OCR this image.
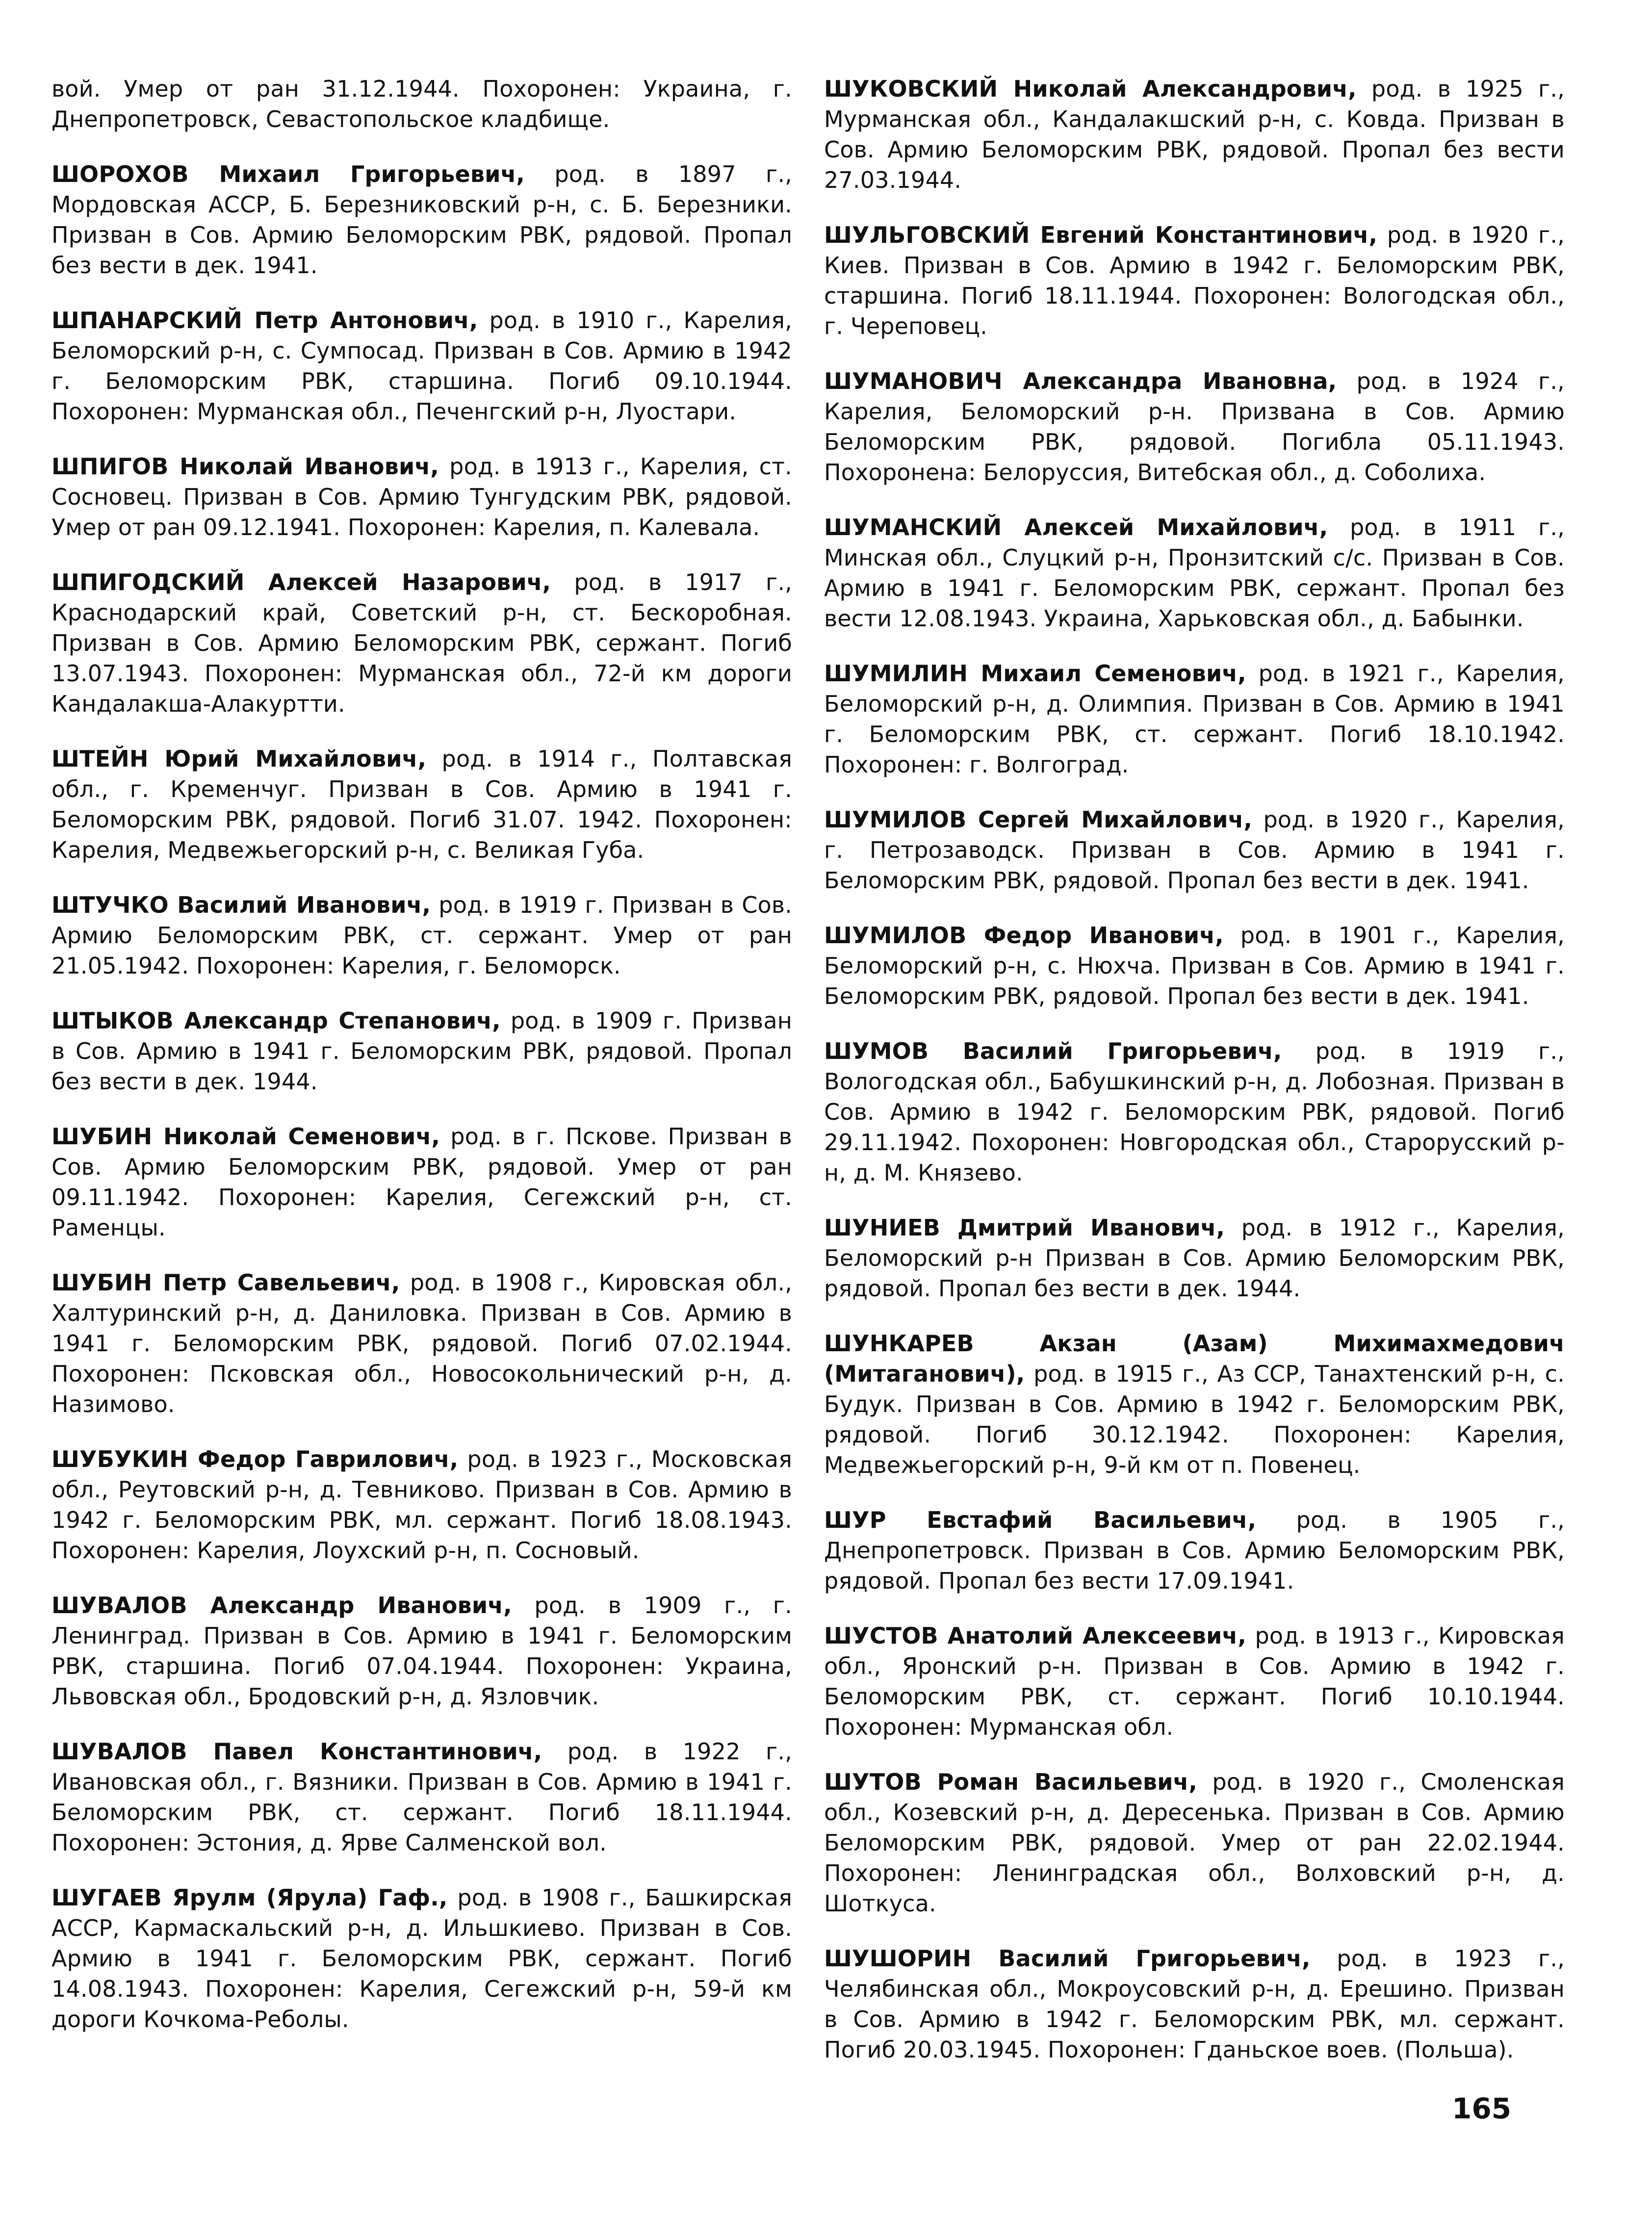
вой. Умер от ран 31.12.1944. Похоронен: Украина, г. Днепропетровск, Севастопольское кладбище.

ШОРОХОВ Михаил Григорьевич, род. в 1897 г., Мордовская АССР, Б. Березниковский р-н, с. Б. Березники. Призван в Сов. Армию Беломорским РВК, рядовой. Пропал без вести в дек. 1941.

ШПАНАРСКИЙ Петр Антонович, род. в 1910 г., Карелия, Беломорский р-н, с. Сумпосад. Призван в Сов. Армию в 1942 г. Беломорским РВК, старшина. Погиб 09.10.1944. Похоронен: Мурманская обл., Печенгский р-н, Луостари.

ШПИГОВ Николай Иванович, род. в 1913 г., Карелия, ст. Сосновец. Призван в Сов. Армию Тунгудским РВК, рядовой. Умер от ран 09.12.1941. Похоронен: Карелия, п. Калевала.

ШПИГОДСКИЙ Алексей Назарович, род. в 1917 г., Краснодарский край, Советский р-н, ст. Бескоробная. Призван в Сов. Армию Беломорским РВК, сержант. Погиб 13.07.1943. Похоронен: Мурманская обл., 72-й км дороги Кандалакша-Алакуртти.

ШТЕЙН Юрий Михайлович, род. в 1914 г., Полтавская обл., г. Кременчуг. Призван в Сов. Армию в 1941 г. Беломорским РВК, рядовой. Погиб 31.07. 1942. Похоронен: Карелия, Медвежьегорский р-н, с. Великая Губа.

ШТУЧКО Василий Иванович, род. в 1919 г. Призван в Сов. Армию Беломорским РВК, ст. сержант. Умер от ран 21.05.1942. Похоронен: Карелия, г. Беломорск.

ШТЫКОВ Александр Степанович, род. в 1909 г. Призван в Сов. Армию в 1941 г. Беломорским РВК, рядовой. Пропал без вести в дек. 1944.

ШУБИН Николай Семенович, род. в г. Пскове. Призван в Сов. Армию Беломорским РВК, рядовой. Умер от ран 09.11.1942. Похоронен: Карелия, Сегежский р-н, ст. Раменцы.

ШУБИН Петр Савельевич, род. в 1908 г., Кировская обл., Халтуринский р-н, д. Даниловка. Призван в Сов. Армию в 1941 г. Беломорским РВК, рядовой. Погиб 07.02.1944. Похоронен: Псковская обл., Новосокольнический р-н, д. Назимово.

ШУБУКИН Федор Гаврилович, род. в 1923 г., Московская обл., Реутовский р-н, д. Тевниково. Призван в Сов. Армию в 1942 г. Беломорским РВК, мл. сержант. Погиб 18.08.1943. Похоронен: Карелия, Лоухский р-н, п. Сосновый.

ШУВАЛОВ Александр Иванович, род. в 1909 г., г. Ленинград. Призван в Сов. Армию в 1941 г. Беломорским РВК, старшина. Погиб 07.04.1944. Похоронен: Украина, Львовская обл., Бродовский р-н, д. Язловчик.

ШУВАЛОВ Павел Константинович, род. в 1922 г., Ивановская обл., г. Вязники. Призван в Сов. Армию в 1941 г. Беломорским РВК, ст. сержант. Погиб 18.11.1944. Похоронен: Эстония, д. Ярве Салменской вол.

ШУГАЕВ Ярулм (Ярула) Гаф., род. в 1908 г., Башкирская АССР, Кармаскальский р-н, д. Ильшкиево. Призван в Сов. Армию в 1941 г. Беломорским РВК, сержант. Погиб 14.08.1943. Похоронен: Карелия, Сегежский р-н, 59-й км дороги Кочкома-Реболы.

ШУКОВСКИЙ Николай Александрович, род. в 1925 г., Мурманская обл., Кандалакшский р-н, с. Ковда. Призван в Сов. Армию Беломорским РВК, рядовой. Пропал без вести 27.03.1944.

ШУЛЬГОВСКИЙ Евгений Константинович, род. в 1920 г., Киев. Призван в Сов. Армию в 1942 г. Беломорским РВК, старшина. Погиб 18.11.1944. Похоронен: Вологодская обл., г. Череповец.

ШУМАНОВИЧ Александра Ивановна, род. в 1924 г., Карелия, Беломорский р-н. Призвана в Сов. Армию Беломорским РВК, рядовой. Погибла 05.11.1943. Похоронена: Белоруссия, Витебская обл., д. Соболиха.

ШУМАНСКИЙ Алексей Михайлович, род. в 1911 г., Минская обл., Слуцкий р-н, Пронзитский с/с. Призван в Сов. Армию в 1941 г. Беломорским РВК, сержант. Пропал без вести 12.08.1943. Украина, Харьковская обл., д. Бабынки.

ШУМИЛИН Михаил Семенович, род. в 1921 г., Карелия, Беломорский р-н, д. Олимпия. Призван в Сов. Армию в 1941 г. Беломорским РВК, ст. сержант. Погиб 18.10.1942. Похоронен: г. Волгоград.

ШУМИЛОВ Сергей Михайлович, род. в 1920 г., Карелия, г. Петрозаводск. Призван в Сов. Армию в 1941 г. Беломорским РВК, рядовой. Пропал без вести в дек. 1941.

ШУМИЛОВ Федор Иванович, род. в 1901 г., Карелия, Беломорский р-н, с. Нюхча. Призван в Сов. Армию в 1941 г. Беломорским РВК, рядовой. Пропал без вести в дек. 1941.

ШУМОВ Василий Григорьевич, род. в 1919 г., Вологодская обл., Бабушкинский р-н, д. Лобозная. Призван в Сов. Армию в 1942 г. Беломорским РВК, рядовой. Погиб 29.11.1942. Похоронен: Новгородская обл., Старорусский р-н, д. М. Князево.

ШУНИЕВ Дмитрий Иванович, род. в 1912 г., Карелия, Беломорский р-н Призван в Сов. Армию Беломорским РВК, рядовой. Пропал без вести в дек. 1944.

ШУНКАРЕВ Акзан (Азам) Михимахмедович (Митаганович), род. в 1915 г., Аз ССР, Танахтенский р-н, с. Будук. Призван в Сов. Армию в 1942 г. Беломорским РВК, рядовой. Погиб 30.12.1942. Похоронен: Карелия, Медвежьегорский р-н, 9-й км от п. Повенец.

ШУР Евстафий Васильевич, род. в 1905 г., Днепропетровск. Призван в Сов. Армию Беломорским РВК, рядовой. Пропал без вести 17.09.1941.

ШУСТОВ Анатолий Алексеевич, род. в 1913 г., Кировская обл., Яронский р-н. Призван в Сов. Армию в 1942 г. Беломорским РВК, ст. сержант. Погиб 10.10.1944. Похоронен: Мурманская обл.

ШУТОВ Роман Васильевич, род. в 1920 г., Смоленская обл., Козевский р-н, д. Дересенька. Призван в Сов. Армию Беломорским РВК, рядовой. Умер от ран 22.02.1944. Похоронен: Ленинградская обл., Волховский р-н, д. Шоткуса.

ШУШОРИН Василий Григорьевич, род. в 1923 г., Челябинская обл., Мокроусовский р-н, д. Ерешино. Призван в Сов. Армию в 1942 г. Беломорским РВК, мл. сержант. Погиб 20.03.1945. Похоронен: Гданьское воев. (Польша).

165
